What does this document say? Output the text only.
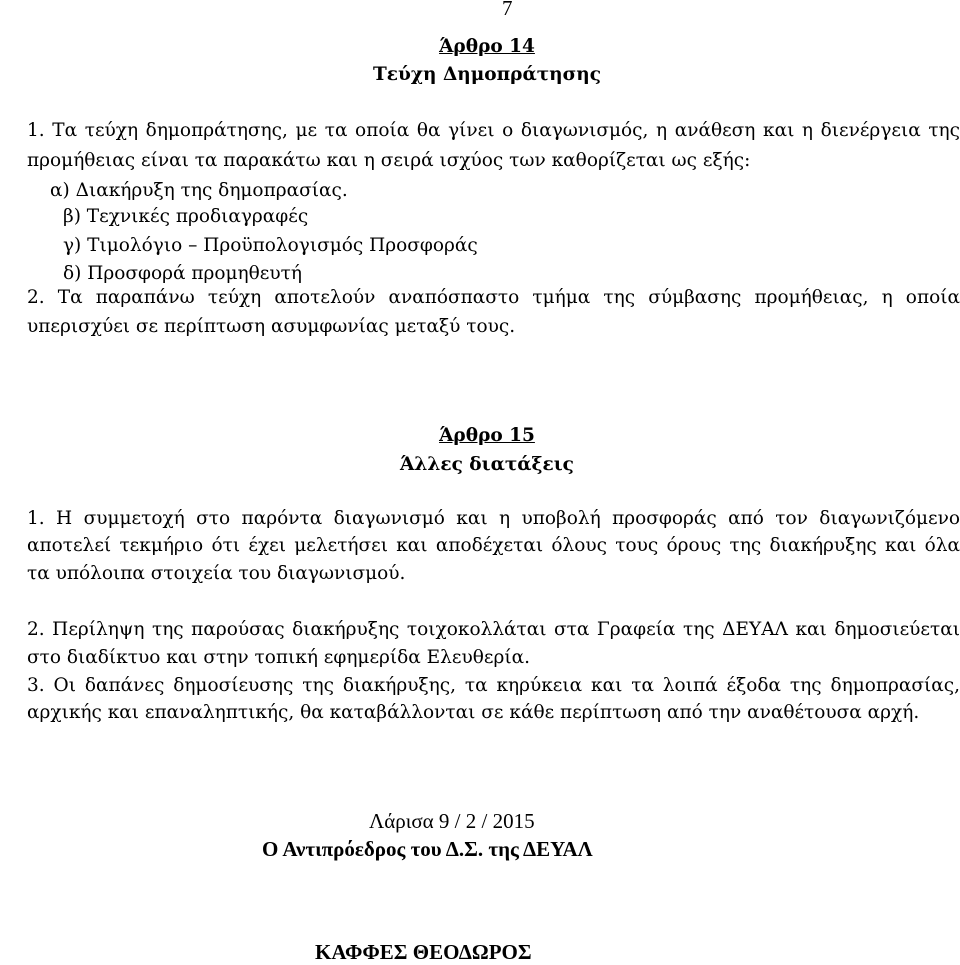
7
Άρθρο 14
Τεύχη Δημοπράτησης
1. Τα τεύχη δημοπράτησης, με τα οποία θα γίνει ο διαγωνισμός, η ανάθεση και η διενέργεια της
προμήθειας είναι τα παρακάτω και η σειρά ισχύος των καθορίζεται ως εξής:
α) Διακήρυξη της δημοπρασίας.
β) Τεχνικές προδιαγραφές
γ) Τιμολόγιο – Προϋπολογισμός Προσφοράς
δ) Προσφορά προμηθευτή
2. Τα παραπάνω τεύχη αποτελούν αναπόσπαστο τμήμα της σύμβασης προμήθειας, η οποία
υπερισχύει σε περίπτωση ασυμφωνίας μεταξύ τους.
Άρθρο 15
Άλλες διατάξεις
1. Η συμμετοχή στο παρόντα διαγωνισμό και η υποβολή προσφοράς από τον διαγωνιζόμενο
αποτελεί τεκμήριο ότι έχει μελετήσει και αποδέχεται όλους τους όρους της διακήρυξης και όλα
τα υπόλοιπα στοιχεία του διαγωνισμού.
2. Περίληψη της παρούσας διακήρυξης τοιχοκολλάται στα Γραφεία της ΔΕΥΑΛ και δημοσιεύεται
στο διαδίκτυο και στην τοπική εφημερίδα Ελευθερία.
3. Οι δαπάνες δημοσίευσης της διακήρυξης, τα κηρύκεια και τα λοιπά έξοδα της δημοπρασίας,
αρχικής και επαναληπτικής, θα καταβάλλονται σε κάθε περίπτωση από την αναθέτουσα αρχή.
Λάρισα 9 / 2 / 2015
Ο Αντιπρόεδρος του Δ.Σ. της ΔΕΥΑΛ
ΚΑΦΦΕΣ ΘΕΟΔΩΡΟΣ
